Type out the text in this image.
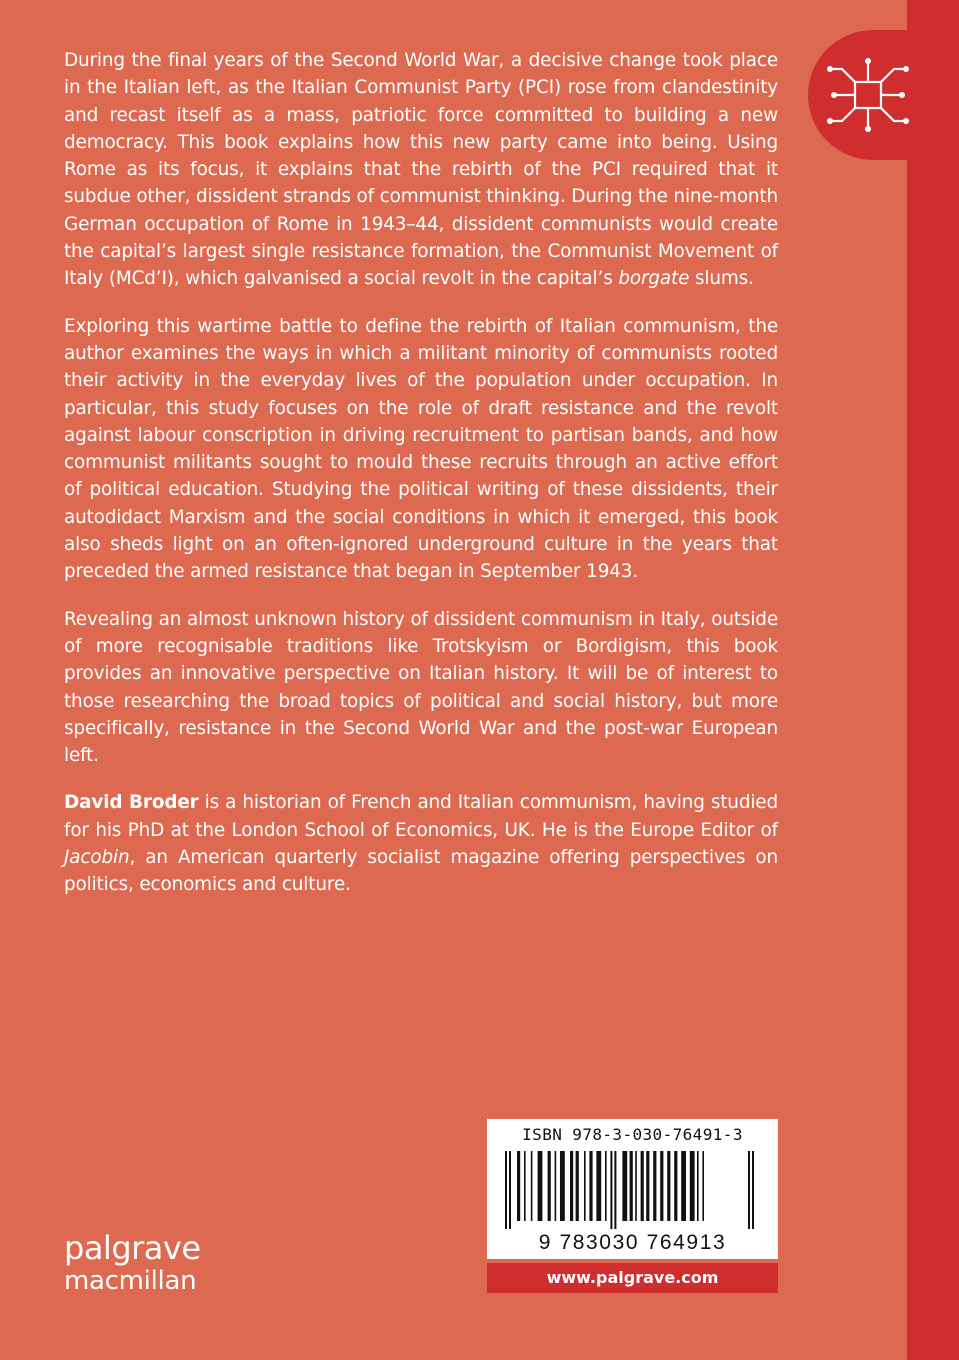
During the final years of the Second World War, a decisive change took place in the Italian left, as the Italian Communist Party (PCI) rose from clandestinity and recast itself as a mass, patriotic force committed to building a new democracy. This book explains how this new party came into being. Using Rome as its focus, it explains that the rebirth of the PCI required that it subdue other, dissident strands of communist thinking. During the nine-month German occupation of Rome in 1943–44, dissident communists would create the capital’s largest single resistance formation, the Communist Movement of Italy (MCd’I), which galvanised a social revolt in the capital’s borgate slums.

Exploring this wartime battle to define the rebirth of Italian communism, the author examines the ways in which a militant minority of communists rooted their activity in the everyday lives of the population under occupation. In particular, this study focuses on the role of draft resistance and the revolt against labour conscription in driving recruitment to partisan bands, and how communist militants sought to mould these recruits through an active effort of political education. Studying the political writing of these dissidents, their autodidact Marxism and the social conditions in which it emerged, this book also sheds light on an often-ignored underground culture in the years that preceded the armed resistance that began in September 1943.

Revealing an almost unknown history of dissident communism in Italy, outside of more recognisable traditions like Trotskyism or Bordigism, this book provides an innovative perspective on Italian history. It will be of interest to those researching the broad topics of political and social history, but more specifically, resistance in the Second World War and the post-war European left.

David Broder is a historian of French and Italian communism, having studied for his PhD at the London School of Economics, UK. He is the Europe Editor of Jacobin, an American quarterly socialist magazine offering perspectives on politics, economics and culture.

ISBN 978-3-030-76491-3
9 783030 764913
www.palgrave.com
palgrave
macmillan
